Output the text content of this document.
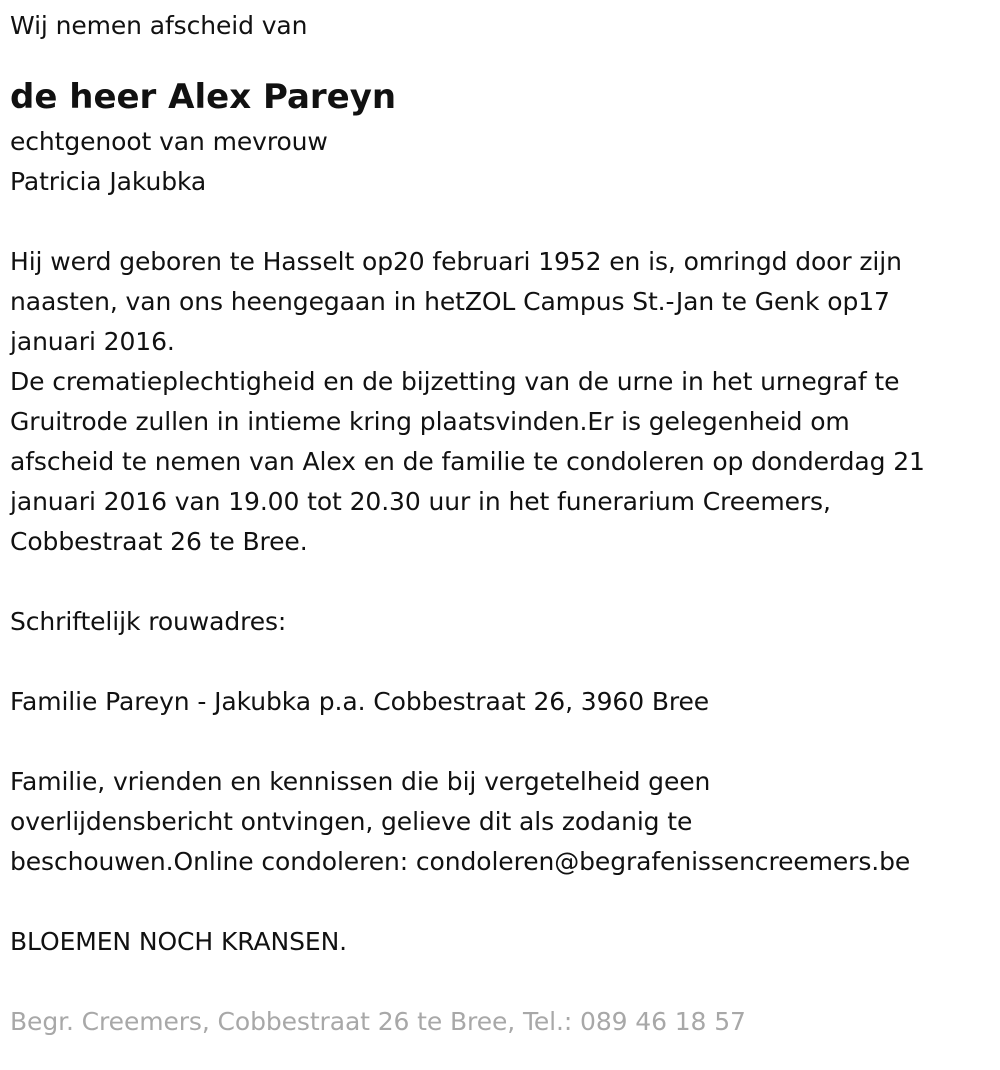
Wij nemen afscheid van
de heer Alex Pareyn
echtgenoot van mevrouw
Patricia Jakubka
Hij werd geboren te Hasselt op20 februari 1952 en is, omringd door zijn
naasten, van ons heengegaan in hetZOL Campus St.-Jan te Genk op17
januari 2016.
De crematieplechtigheid en de bijzetting van de urne in het urnegraf te
Gruitrode zullen in intieme kring plaatsvinden.Er is gelegenheid om
afscheid te nemen van Alex en de familie te condoleren op donderdag 21
januari 2016 van 19.00 tot 20.30 uur in het funerarium Creemers,
Cobbestraat 26 te Bree.
Schriftelijk rouwadres:
Familie Pareyn - Jakubka p.a. Cobbestraat 26, 3960 Bree
Familie, vrienden en kennissen die bij vergetelheid geen
overlijdensbericht ontvingen, gelieve dit als zodanig te
beschouwen.Online condoleren: condoleren@begrafenissencreemers.be
BLOEMEN NOCH KRANSEN.
Begr. Creemers, Cobbestraat 26 te Bree, Tel.: 089 46 18 57
